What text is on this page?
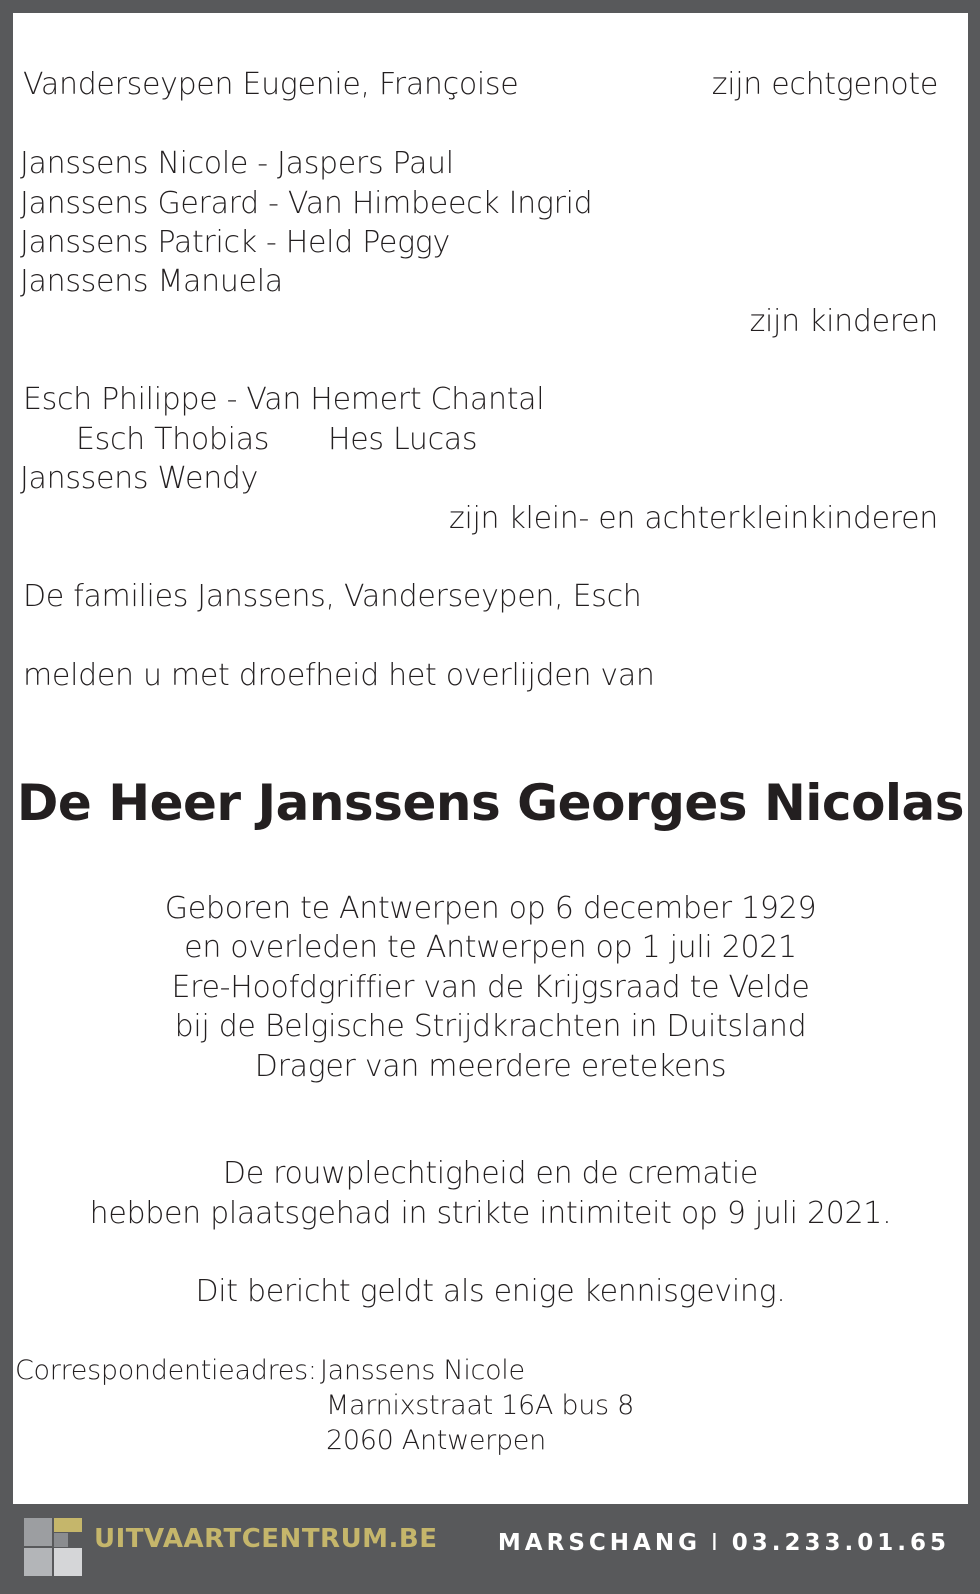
Vanderseypen Eugenie, Françoise	zijn echtgenote
Janssens Nicole - Jaspers Paul
Janssens Gerard - Van Himbeeck Ingrid
Janssens Patrick - Held Peggy
Janssens Manuela
zijn kinderen
Esch Philippe - Van Hemert Chantal
Esch Thobias Hes Lucas
Janssens Wendy
zijn klein- en achterkleinkinderen
De families Janssens, Vanderseypen, Esch
melden u met droefheid het overlijden van
De Heer Janssens Georges Nicolas
Geboren te Antwerpen op 6 december 1929
en overleden te Antwerpen op 1 juli 2021
Ere-Hoofdgriffier van de Krijgsraad te Velde
bij de Belgische Strijdkrachten in Duitsland
Drager van meerdere eretekens
De rouwplechtigheid en de crematie
hebben plaatsgehad in strikte intimiteit op 9 juli 2021.
Dit bericht geldt als enige kennisgeving.
Correspondentieadres: Janssens Nicole
Marnixstraat 16A bus 8
2060 Antwerpen
UITVAARTCENTRUM.BE	MARSCHANG I 03.233.01.65
